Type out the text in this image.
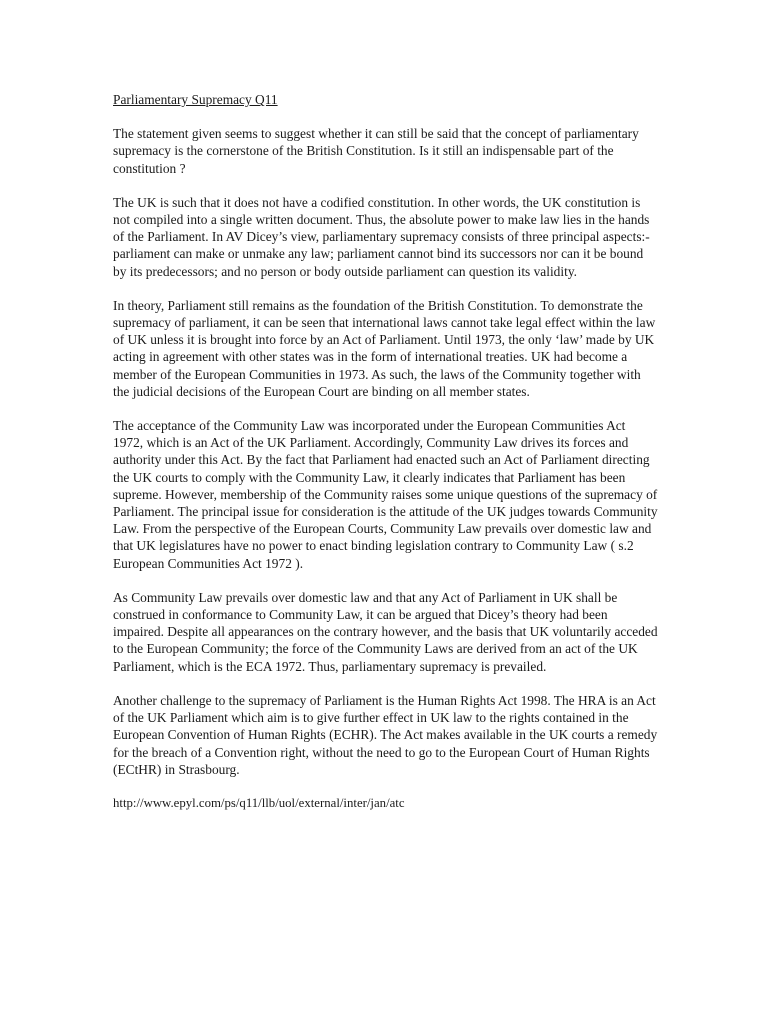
Parliamentary Supremacy Q11

The statement given seems to suggest whether it can still be said that the concept of parliamentary supremacy is the cornerstone of the British Constitution. Is it still an indispensable part of the constitution ?

The UK is such that it does not have a codified constitution. In other words, the UK constitution is not compiled into a single written document. Thus, the absolute power to make law lies in the hands of the Parliament. In AV Dicey’s view, parliamentary supremacy consists of three principal aspects:- parliament can make or unmake any law; parliament cannot bind its successors nor can it be bound by its predecessors; and no person or body outside parliament can question its validity.

In theory, Parliament still remains as the foundation of the British Constitution. To demonstrate the supremacy of parliament, it can be seen that international laws cannot take legal effect within the law of UK unless it is brought into force by an Act of Parliament. Until 1973, the only ‘law’ made by UK acting in agreement with other states was in the form of international treaties. UK had become a member of the European Communities in 1973. As such, the laws of the Community together with the judicial decisions of the European Court are binding on all member states.

The acceptance of the Community Law was incorporated under the European Communities Act 1972, which is an Act of the UK Parliament. Accordingly, Community Law drives its forces and authority under this Act. By the fact that Parliament had enacted such an Act of Parliament directing the UK courts to comply with the Community Law, it clearly indicates that Parliament has been supreme. However, membership of the Community raises some unique questions of the supremacy of Parliament. The principal issue for consideration is the attitude of the UK judges towards Community Law. From the perspective of the European Courts, Community Law prevails over domestic law and that UK legislatures have no power to enact binding legislation contrary to Community Law ( s.2 European Communities Act 1972 ).

As Community Law prevails over domestic law and that any Act of Parliament in UK shall be construed in conformance to Community Law, it can be argued that Dicey’s theory had been impaired. Despite all appearances on the contrary however, and the basis that UK voluntarily acceded to the European Community; the force of the Community Laws are derived from an act of the UK Parliament, which is the ECA 1972. Thus, parliamentary supremacy is prevailed.

Another challenge to the supremacy of Parliament is the Human Rights Act 1998. The HRA is an Act of the UK Parliament which aim is to give further effect in UK law to the rights contained in the European Convention of Human Rights (ECHR). The Act makes available in the UK courts a remedy for the breach of a Convention right, without the need to go to the European Court of Human Rights (ECtHR) in Strasbourg.

http://www.epyl.com/ps/q11/llb/uol/external/inter/jan/atc
